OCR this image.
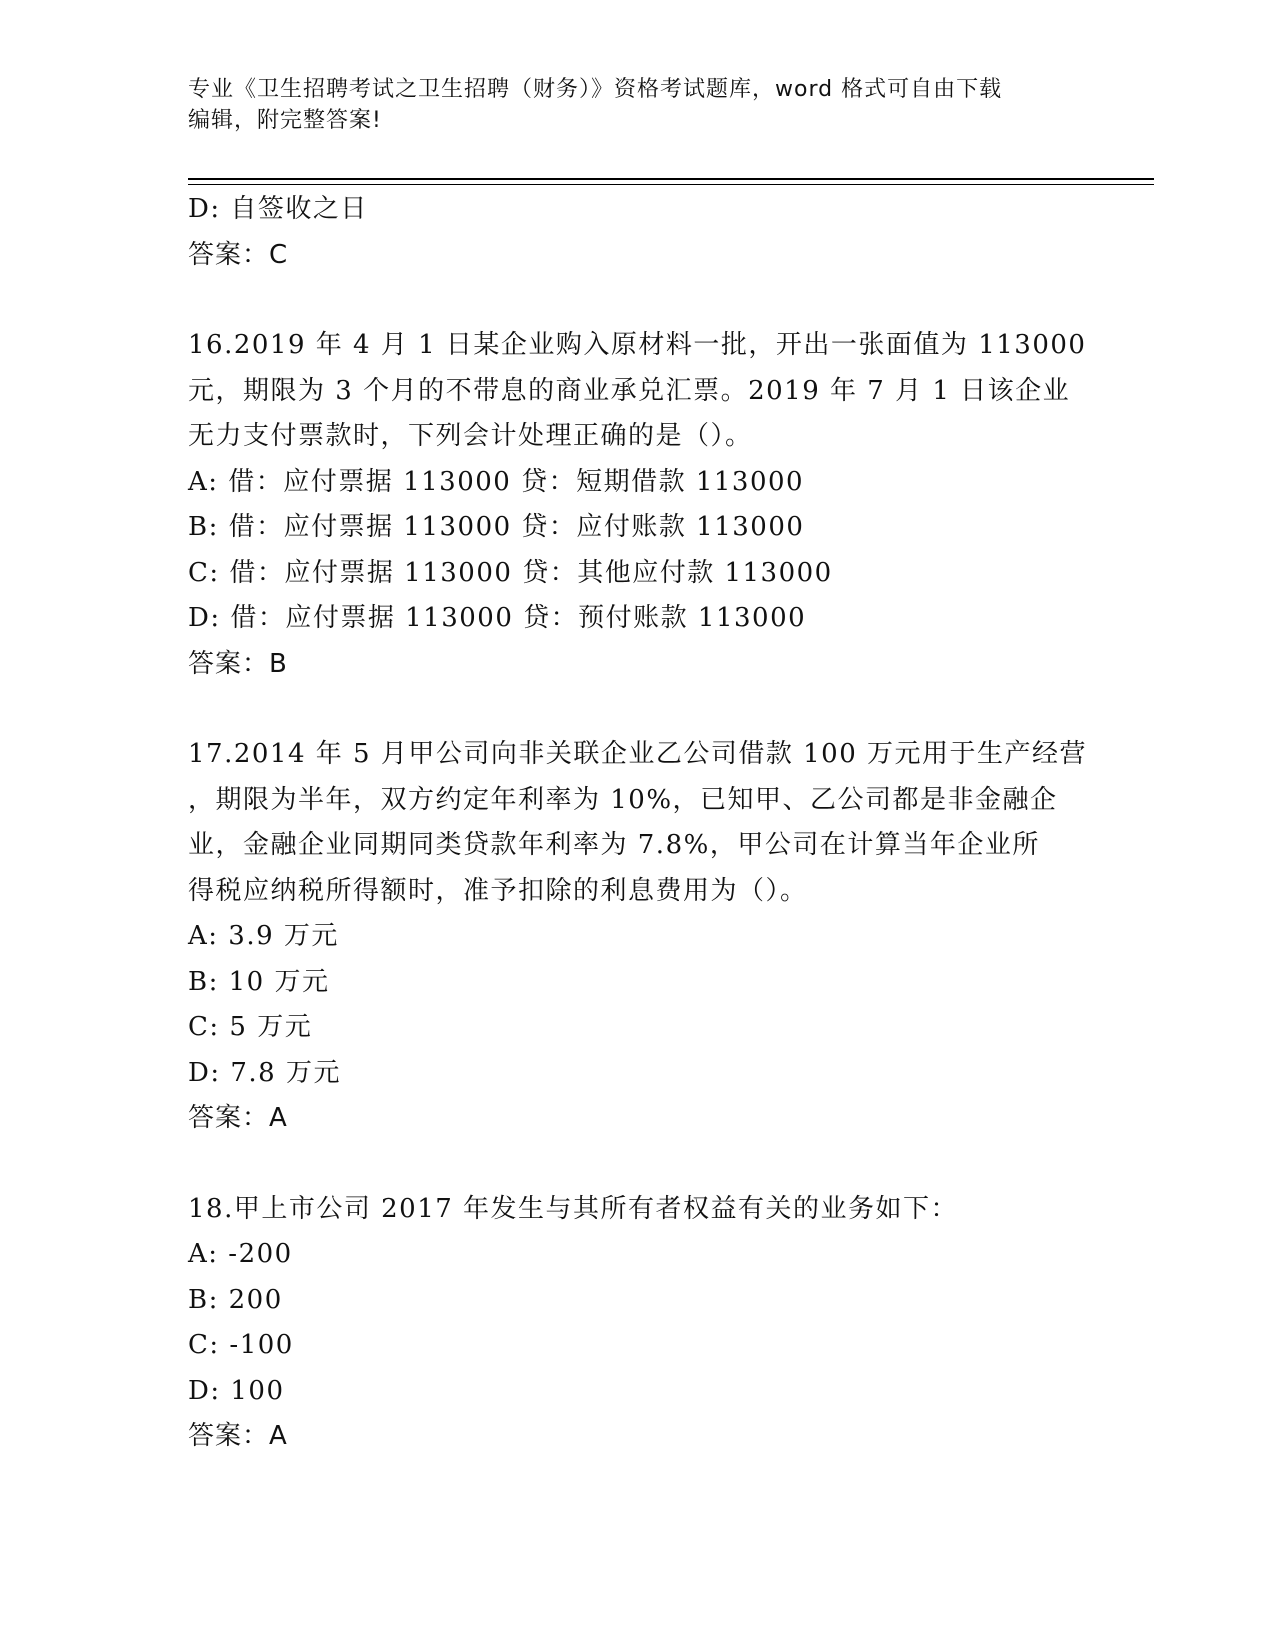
专业《卫生招聘考试之卫生招聘（财务）》资格考试题库，word 格式可自由下载
编辑，附完整答案!
D: 自签收之日
答案：C
16.2019 年 4 月 1 日某企业购入原材料一批，开出一张面值为 113000
元，期限为 3 个月的不带息的商业承兑汇票。2019 年 7 月 1 日该企业
无力支付票款时，下列会计处理正确的是（）。
A: 借：应付票据 113000 贷：短期借款 113000
B: 借：应付票据 113000 贷：应付账款 113000
C: 借：应付票据 113000 贷：其他应付款 113000
D: 借：应付票据 113000 贷：预付账款 113000
答案：B
17.2014 年 5 月甲公司向非关联企业乙公司借款 100 万元用于生产经营
，期限为半年，双方约定年利率为 10%，已知甲、乙公司都是非金融企
业，金融企业同期同类贷款年利率为 7.8%，甲公司在计算当年企业所
得税应纳税所得额时，准予扣除的利息费用为（）。
A: 3.9 万元
B: 10 万元
C: 5 万元
D: 7.8 万元
答案：A
18.甲上市公司 2017 年发生与其所有者权益有关的业务如下：
A: -200
B: 200
C: -100
D: 100
答案：A
